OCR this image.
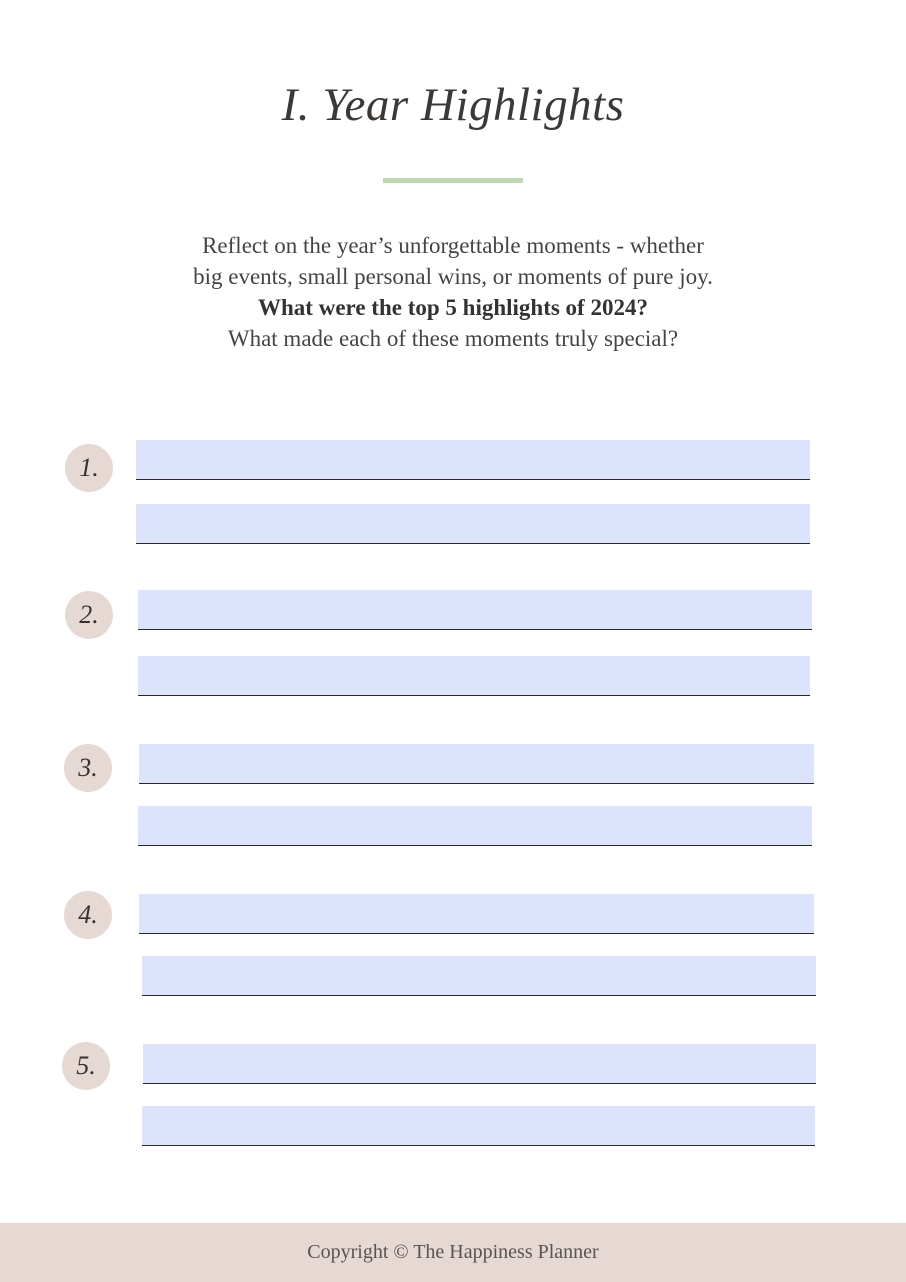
I. Year Highlights
Reflect on the year’s unforgettable moments - whether
big events, small personal wins, or moments of pure joy.
What were the top 5 highlights of 2024?
What made each of these moments truly special?
1.
2.
3.
4.
5.
Copyright © The Happiness Planner
